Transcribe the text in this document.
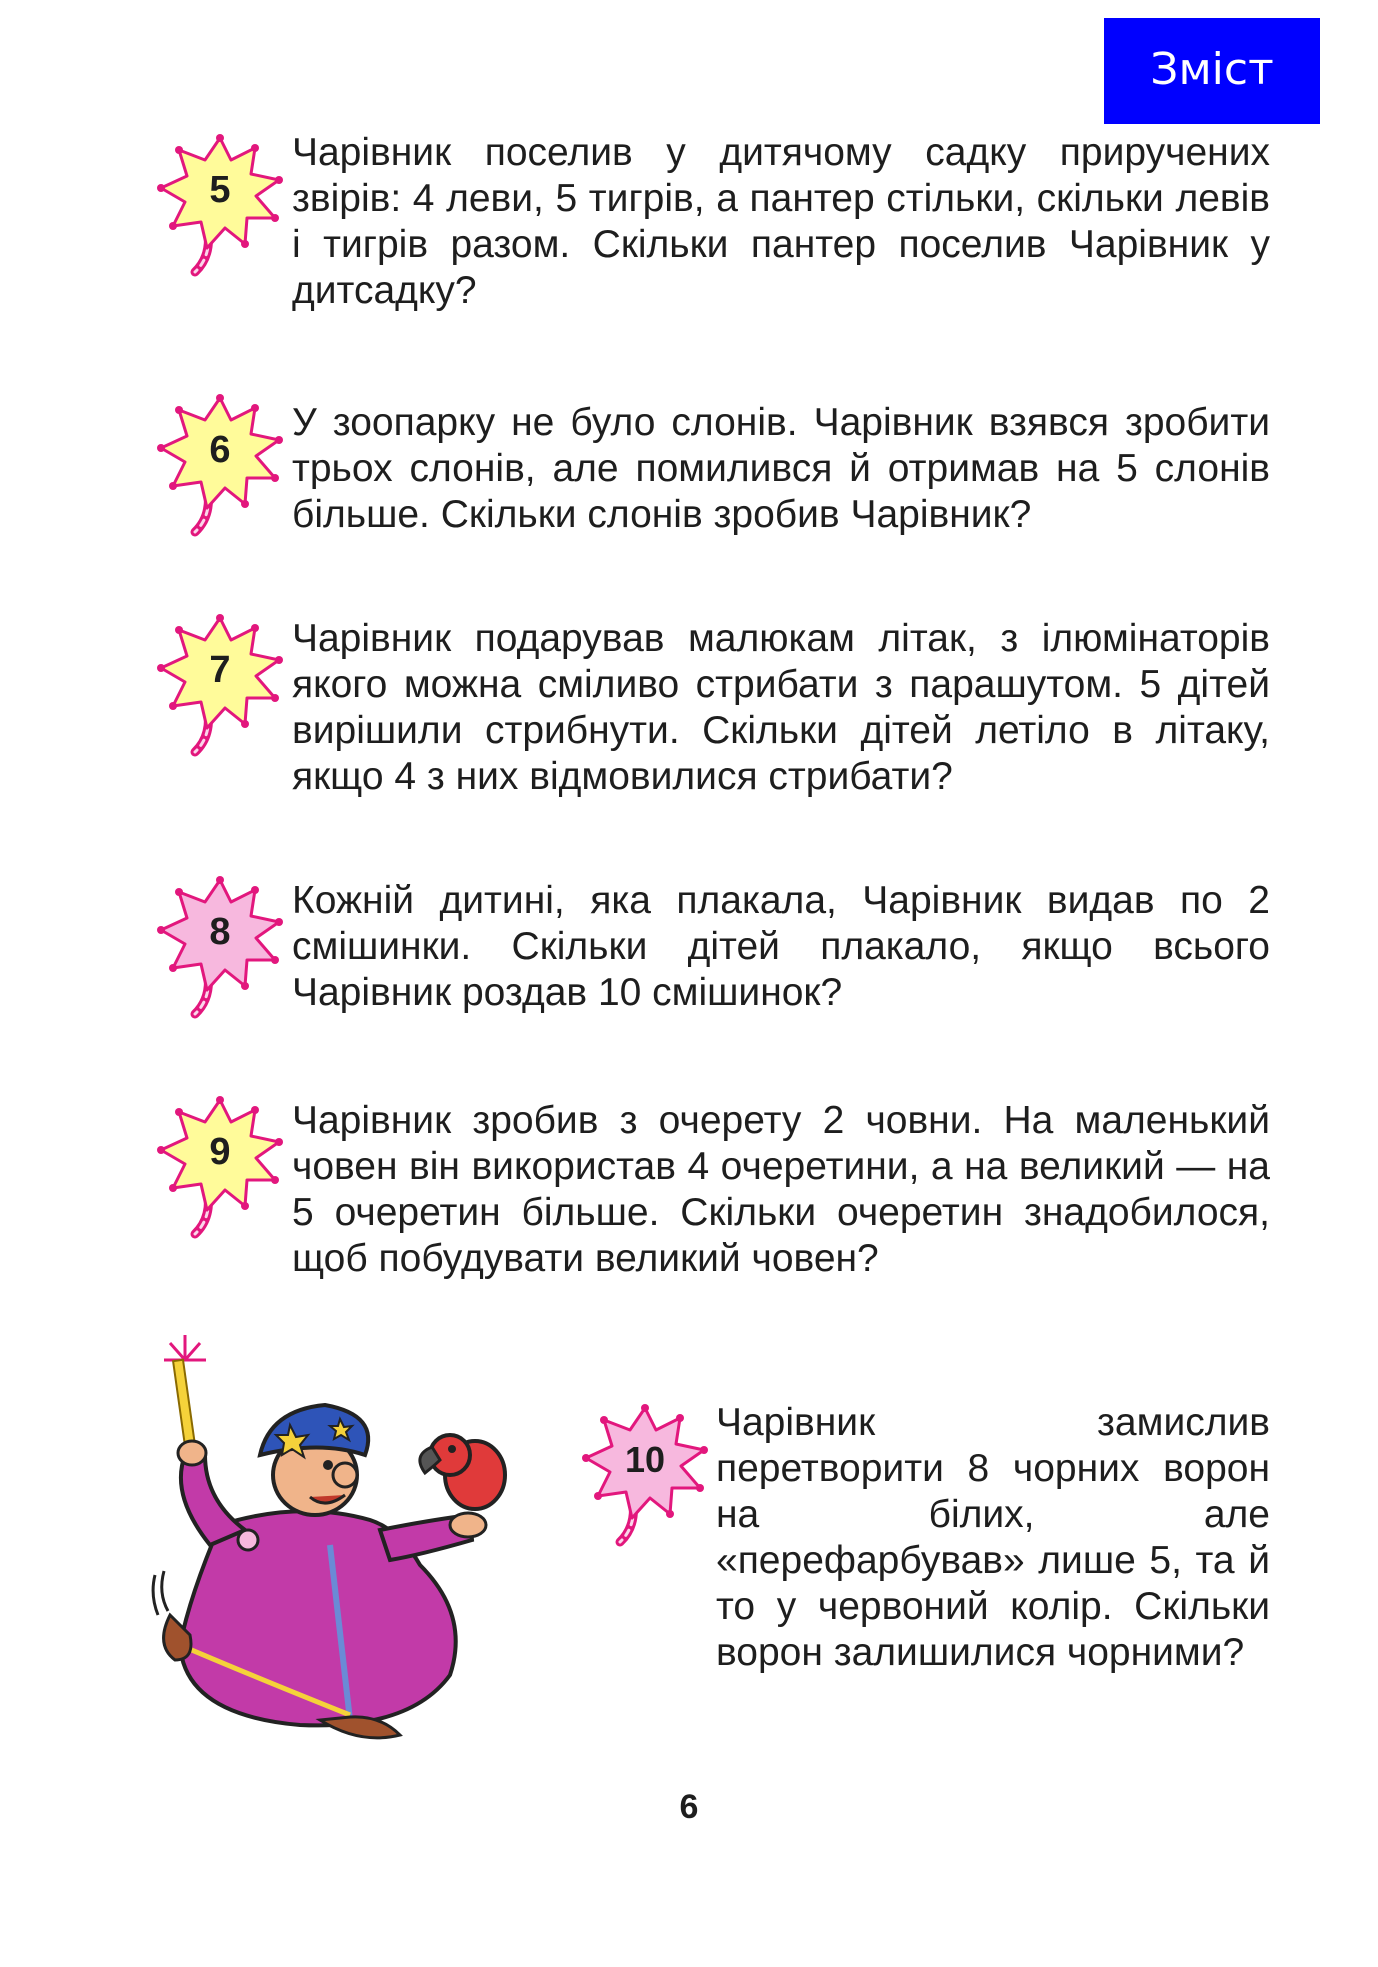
Зміст
5

Чарівник поселив у дитячому садку приручених звірів: 4 леви, 5 тигрів, а пантер стільки, скільки левів і тигрів разом. Скільки пантер поселив Чарівник у дитсадку?

6

У зоопарку не було слонів. Чарівник взявся зробити трьох слонів, але помилився й отримав на 5 слонів більше. Скільки слонів зробив Чарівник?

7

Чарівник подарував малюкам літак, з ілюмінаторів якого можна сміливо стрибати з парашутом. 5 дітей вирішили стрибнути. Скільки дітей летіло в літаку, якщо 4 з них відмовилися стрибати?

8

Кожній дитині, яка плакала, Чарівник видав по 2 смішинки. Скільки дітей плакало, якщо всього Чарівник роздав 10 смішинок?

9

Чарівник зробив з очерету 2 човни. На маленький човен він використав 4 очеретини, а на великий — на 5 очеретин більше. Скільки очеретин знадобилося, щоб побудувати великий човен?

10

Чарівник замислив перетворити 8 чорних ворон на білих, але «перефарбував» лише 5, та й то у червоний колір. Скільки ворон залишилися чорними?

6
